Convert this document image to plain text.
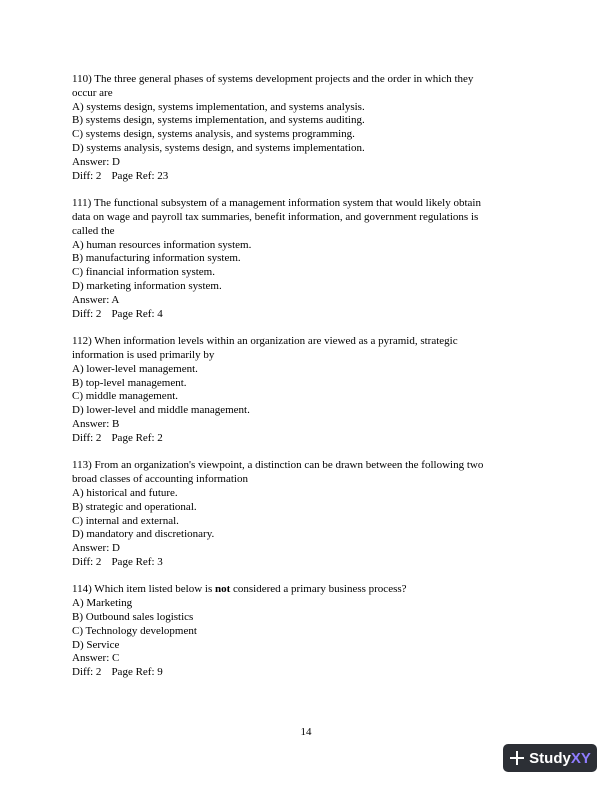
110) The three general phases of systems development projects and the order in which they

occur are

A) systems design, systems implementation, and systems analysis.

B) systems design, systems implementation, and systems auditing.

C) systems design, systems analysis, and systems programming.

D) systems analysis, systems design, and systems implementation.

Answer: D

Diff: 2 Page Ref: 23

111) The functional subsystem of a management information system that would likely obtain

data on wage and payroll tax summaries, benefit information, and government regulations is

called the

A) human resources information system.

B) manufacturing information system.

C) financial information system.

D) marketing information system.

Answer: A

Diff: 2 Page Ref: 4

112) When information levels within an organization are viewed as a pyramid, strategic

information is used primarily by

A) lower-level management.

B) top-level management.

C) middle management.

D) lower-level and middle management.

Answer: B

Diff: 2 Page Ref: 2

113) From an organization's viewpoint, a distinction can be drawn between the following two

broad classes of accounting information

A) historical and future.

B) strategic and operational.

C) internal and external.

D) mandatory and discretionary.

Answer: D

Diff: 2 Page Ref: 3

114) Which item listed below is not considered a primary business process?

A) Marketing

B) Outbound sales logistics

C) Technology development

D) Service

Answer: C

Diff: 2 Page Ref: 9

14
Study XY
